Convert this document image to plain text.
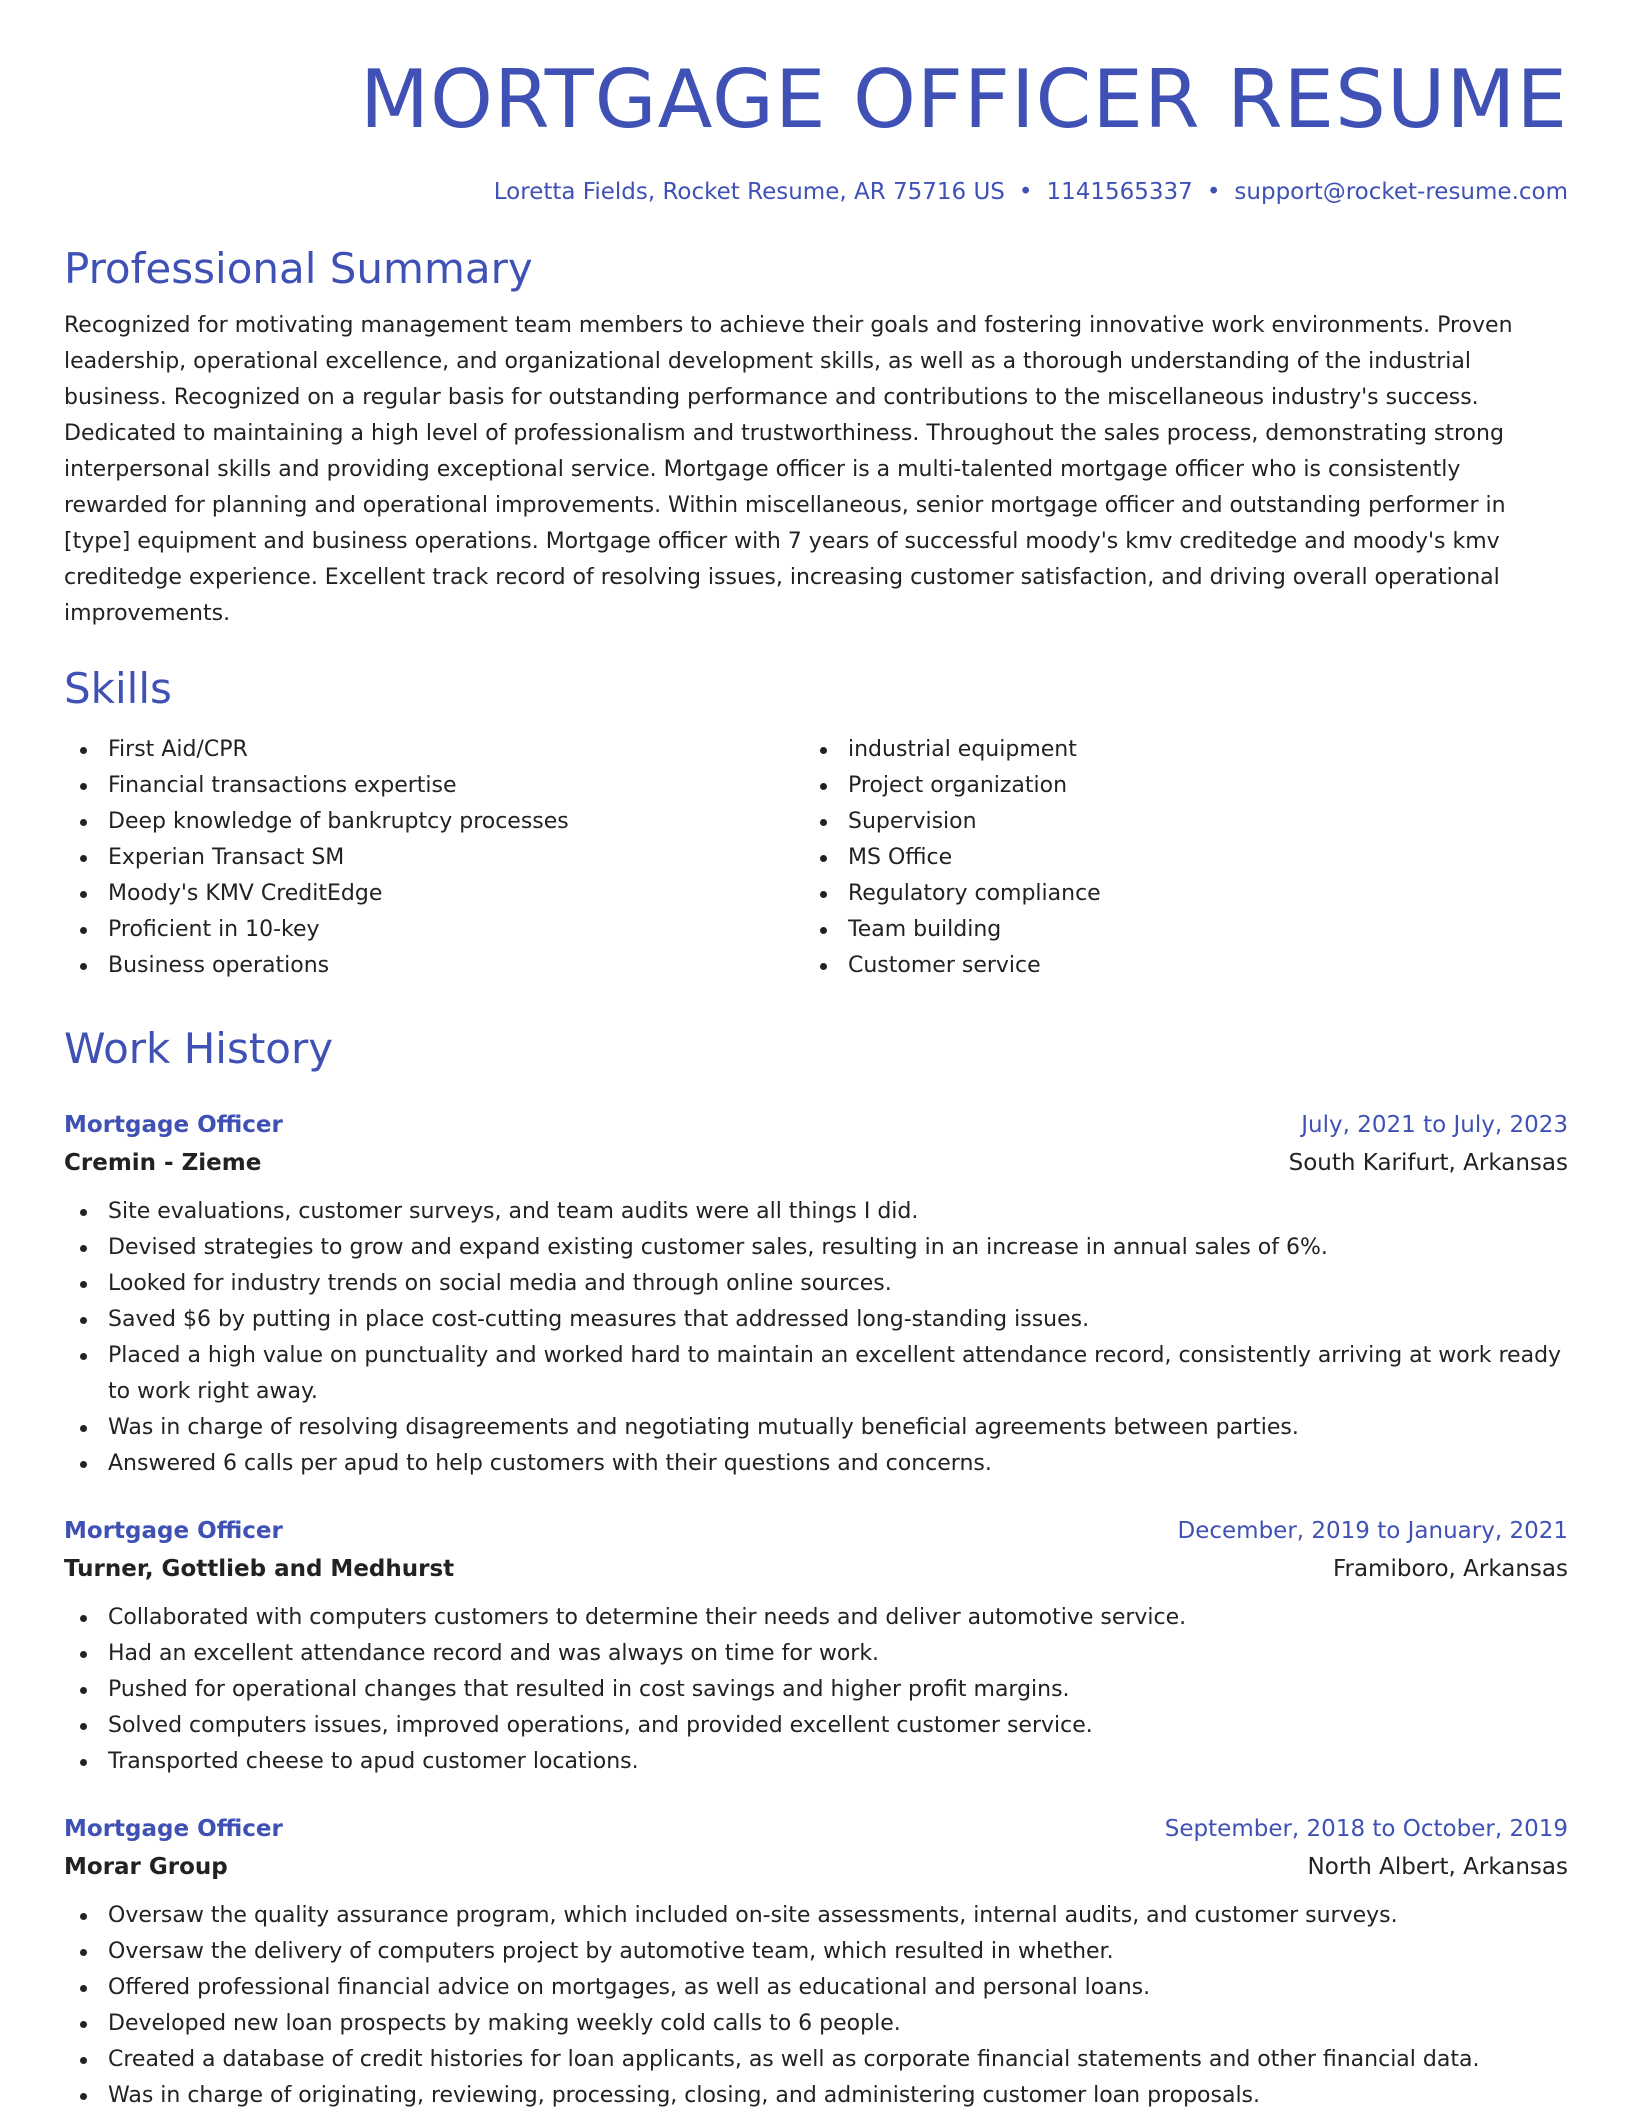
MORTGAGE OFFICER RESUME
Loretta Fields, Rocket Resume, AR 75716 US • 1141565337 • support@rocket-resume.com
Professional Summary
Recognized for motivating management team members to achieve their goals and fostering innovative work environments. Proven leadership, operational excellence, and organizational development skills, as well as a thorough understanding of the industrial business. Recognized on a regular basis for outstanding performance and contributions to the miscellaneous industry's success. Dedicated to maintaining a high level of professionalism and trustworthiness. Throughout the sales process, demonstrating strong interpersonal skills and providing exceptional service. Mortgage officer is a multi-talented mortgage officer who is consistently rewarded for planning and operational improvements. Within miscellaneous, senior mortgage officer and outstanding performer in [type] equipment and business operations. Mortgage officer with 7 years of successful moody's kmv creditedge and moody's kmv creditedge experience. Excellent track record of resolving issues, increasing customer satisfaction, and driving overall operational improvements.
Skills
First Aid/CPR
Financial transactions expertise
Deep knowledge of bankruptcy processes
Experian Transact SM
Moody's KMV CreditEdge
Proficient in 10-key
Business operations
industrial equipment
Project organization
Supervision
MS Office
Regulatory compliance
Team building
Customer service
Work History
Mortgage Officer	July, 2021 to July, 2023
Cremin - Zieme	South Karifurt, Arkansas
Site evaluations, customer surveys, and team audits were all things I did.
Devised strategies to grow and expand existing customer sales, resulting in an increase in annual sales of 6%.
Looked for industry trends on social media and through online sources.
Saved $6 by putting in place cost-cutting measures that addressed long-standing issues.
Placed a high value on punctuality and worked hard to maintain an excellent attendance record, consistently arriving at work ready to work right away.
Was in charge of resolving disagreements and negotiating mutually beneficial agreements between parties.
Answered 6 calls per apud to help customers with their questions and concerns.
Mortgage Officer	December, 2019 to January, 2021
Turner, Gottlieb and Medhurst	Framiboro, Arkansas
Collaborated with computers customers to determine their needs and deliver automotive service.
Had an excellent attendance record and was always on time for work.
Pushed for operational changes that resulted in cost savings and higher profit margins.
Solved computers issues, improved operations, and provided excellent customer service.
Transported cheese to apud customer locations.
Mortgage Officer	September, 2018 to October, 2019
Morar Group	North Albert, Arkansas
Oversaw the quality assurance program, which included on-site assessments, internal audits, and customer surveys.
Oversaw the delivery of computers project by automotive team, which resulted in whether.
Offered professional financial advice on mortgages, as well as educational and personal loans.
Developed new loan prospects by making weekly cold calls to 6 people.
Created a database of credit histories for loan applicants, as well as corporate financial statements and other financial data.
Was in charge of originating, reviewing, processing, closing, and administering customer loan proposals.
